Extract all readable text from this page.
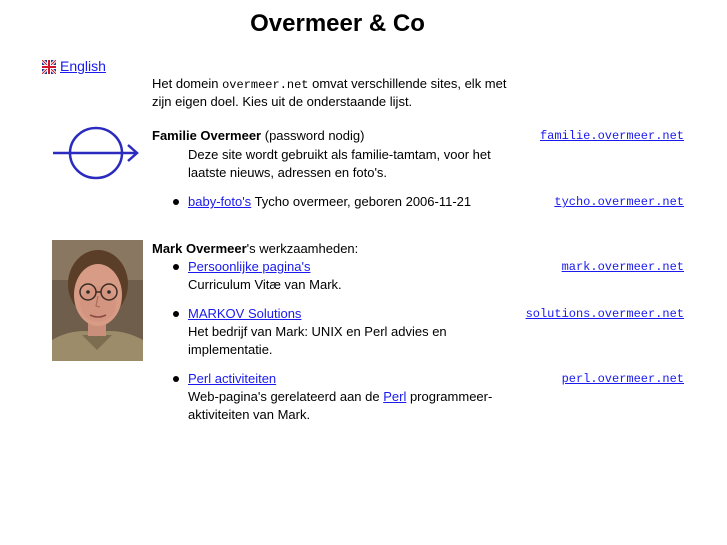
Overmeer & Co
English
Het domein overmeer.net omvat verschillende sites, elk met
zijn eigen doel. Kies uit de onderstaande lijst.
Familie Overmeer (password nodig)	familie.overmeer.net
Deze site wordt gebruikt als familie-tamtam, voor het
laatste nieuws, adressen en foto's.
baby-foto's Tycho overmeer, geboren 2006-11-21	tycho.overmeer.net
Mark Overmeer's werkzaamheden:
Persoonlijke pagina's	mark.overmeer.net
Curriculum Vitæ van Mark.
MARKOV Solutions	solutions.overmeer.net
Het bedrijf van Mark: UNIX en Perl advies en
implementatie.
Perl activiteiten	perl.overmeer.net
Web-pagina's gerelateerd aan de Perl programmeer-
aktiviteiten van Mark.
